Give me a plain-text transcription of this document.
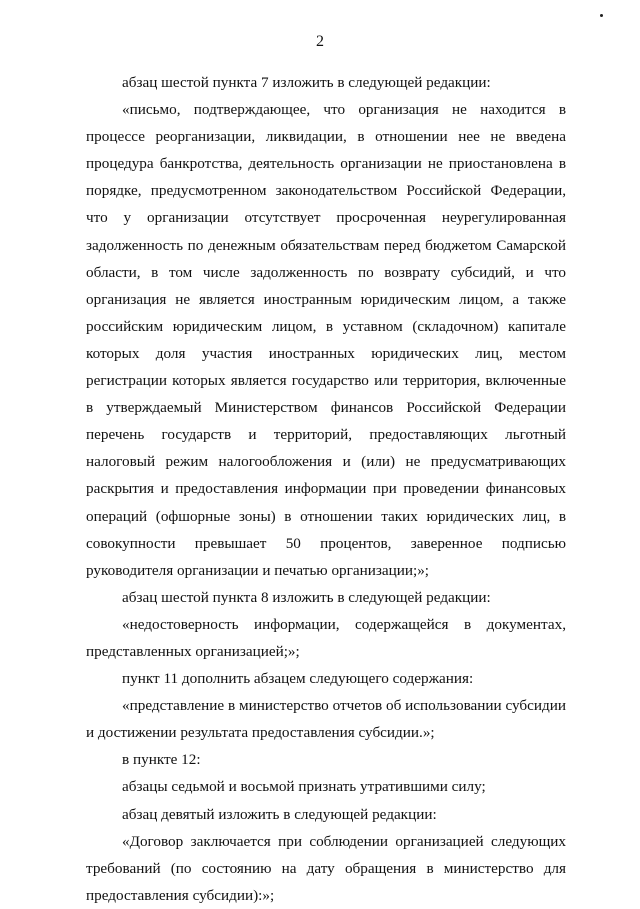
2

абзац шестой пункта 7 изложить в следующей редакции:

«письмо, подтверждающее, что организация не находится в процессе реорганизации, ликвидации, в отношении нее не введена процедура банкротства, деятельность организации не приостановлена в порядке, предусмотренном законодательством Российской Федерации, что у организации отсутствует просроченная неурегулированная задолженность по денежным обязательствам перед бюджетом Самарской области, в том числе задолженность по возврату субсидий, и что организация не является иностранным юридическим лицом, а также российским юридическим лицом, в уставном (складочном) капитале которых доля участия иностранных юридических лиц, местом регистрации которых является государство или территория, включенные в утверждаемый Министерством финансов Российской Федерации перечень государств и территорий, предоставляющих льготный налоговый режим налогообложения и (или) не предусматривающих раскрытия и предоставления информации при проведении финансовых операций (офшорные зоны) в отношении таких юридических лиц, в совокупности превышает 50 процентов, заверенное подписью руководителя организации и печатью организации;»;

абзац шестой пункта 8 изложить в следующей редакции:

«недостоверность информации, содержащейся в документах, представленных организацией;»;

пункт 11 дополнить абзацем следующего содержания:

«представление в министерство отчетов об использовании субсидии и достижении результата предоставления субсидии.»;

в пункте 12:

абзацы седьмой и восьмой признать утратившими силу;

абзац девятый изложить в следующей редакции:

«Договор заключается при соблюдении организацией следующих требований (по состоянию на дату обращения в министерство для предоставления субсидии):»;
